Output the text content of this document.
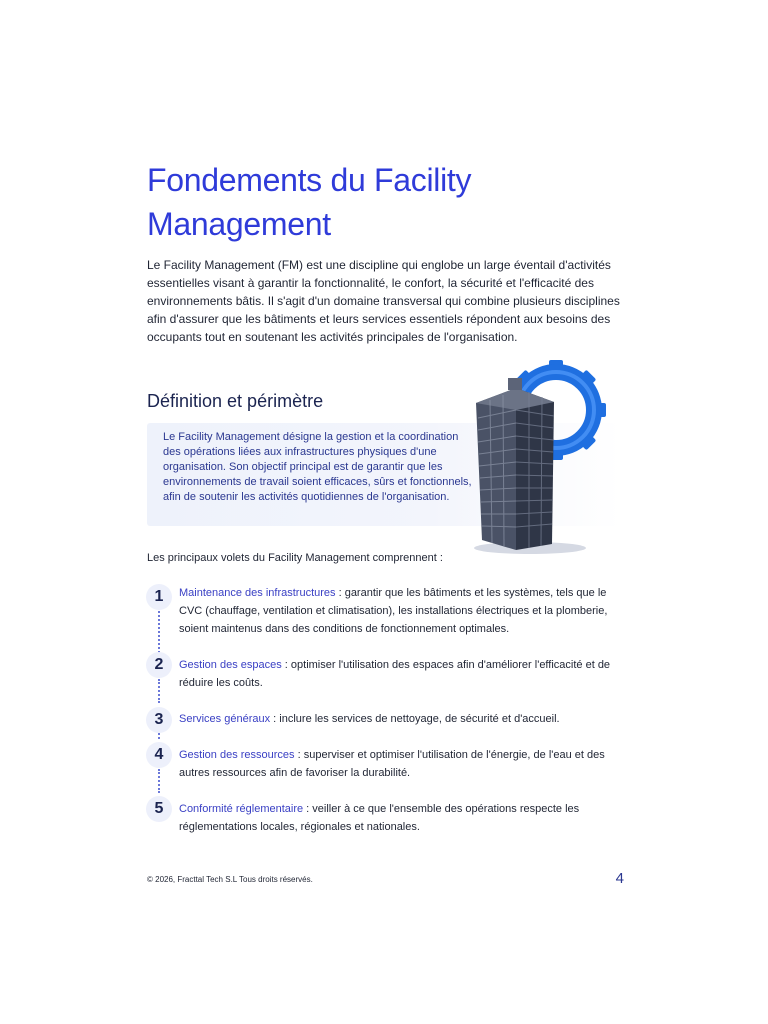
Fondements du Facility Management

Le Facility Management (FM) est une discipline qui englobe un large éventail d'activités essentielles visant à garantir la fonctionnalité, le confort, la sécurité et l'efficacité des environnements bâtis. Il s'agit d'un domaine transversal qui combine plusieurs disciplines afin d'assurer que les bâtiments et leurs services essentiels répondent aux besoins des occupants tout en soutenant les activités principales de l'organisation.

Définition et périmètre

Le Facility Management désigne la gestion et la coordination des opérations liées aux infrastructures physiques d'une organisation. Son objectif principal est de garantir que les environnements de travail soient efficaces, sûrs et fonctionnels, afin de soutenir les activités quotidiennes de l'organisation.

Les principaux volets du Facility Management comprennent :

1	Maintenance des infrastructures : garantir que les bâtiments et les systèmes, tels que le CVC (chauffage, ventilation et climatisation), les installations électriques et la plomberie, soient maintenus dans des conditions de fonctionnement optimales.

2	Gestion des espaces : optimiser l'utilisation des espaces afin d'améliorer l'efficacité et de réduire les coûts.

3	Services généraux : inclure les services de nettoyage, de sécurité et d'accueil.

4	Gestion des ressources : superviser et optimiser l'utilisation de l'énergie, de l'eau et des autres ressources afin de favoriser la durabilité.

5	Conformité réglementaire : veiller à ce que l'ensemble des opérations respecte les réglementations locales, régionales et nationales.

© 2026, Fracttal Tech S.L Tous droits réservés.	4
